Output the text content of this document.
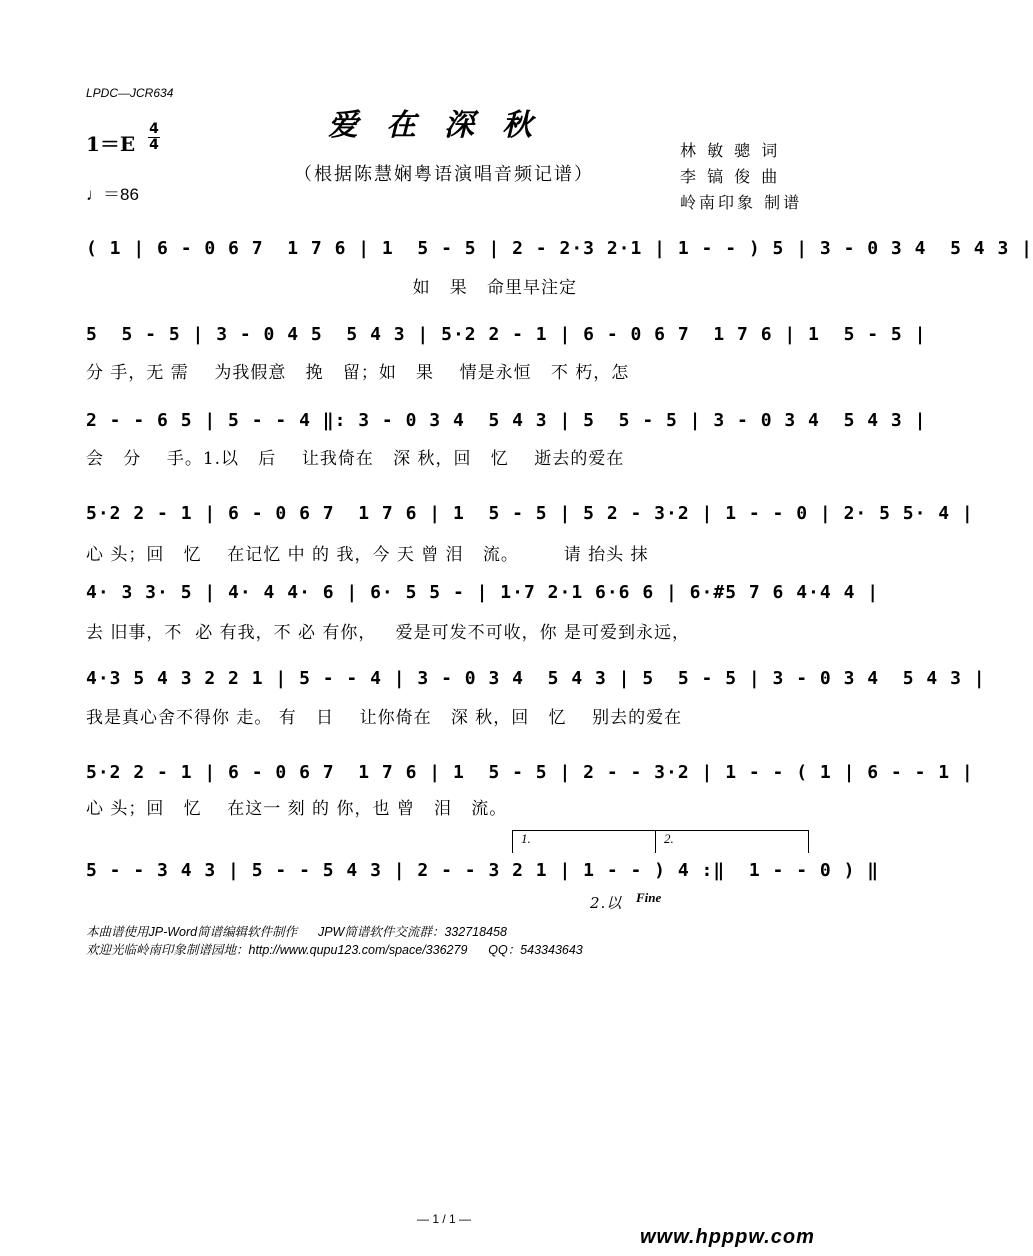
LPDC—JCR634
爱在深秋
（根据陈慧娴粤语演唱音频记谱）
1＝E
4
4
♩＝86
林 敏 骢 词
李 镐 俊 曲
岭南印象 制谱
( 1 | 6 - 0 6 7  1 7 6 | 1  5 - 5 | 2 - 2·3 2·1 | 1 - - ) 5 | 3 - 0 3 4  5 4 3 |
如   果   命里早注定
5  5 - 5 | 3 - 0 4 5  5 4 3 | 5·2 2 - 1 | 6 - 0 6 7  1 7 6 | 1  5 - 5 |
分 手，无 需    为我假意   挽   留；如   果    情是永恒   不 朽，怎
2 - - 6 5 | 5 - - 4 ‖: 3 - 0 3 4  5 4 3 | 5  5 - 5 | 3 - 0 3 4  5 4 3 |
会   分    手。1.以   后    让我倚在   深 秋，回   忆    逝去的爱在
5·2 2 - 1 | 6 - 0 6 7  1 7 6 | 1  5 - 5 | 5 2 - 3·2 | 1 - - 0 | 2· 5 5· 4 |
心 头；回   忆    在记忆 中 的 我，今 天 曾 泪   流。       请 抬头 抹
4· 3 3· 5 | 4· 4 4· 6 | 6· 5 5 - | 1·7 2·1 6·6 6 | 6·#5 7 6 4·4 4 |
去 旧事，不  必 有我，不 必 有你，   爱是可发不可收，你 是可爱到永远，
4·3 5 4 3 2 2 1 | 5 - - 4 | 3 - 0 3 4  5 4 3 | 5  5 - 5 | 3 - 0 3 4  5 4 3 |
我是真心舍不得你 走。 有   日    让你倚在   深 秋，回   忆    别去的爱在
5·2 2 - 1 | 6 - 0 6 7  1 7 6 | 1  5 - 5 | 2 - - 3·2 | 1 - - ( 1 | 6 - - 1 |
心 头；回   忆    在这一 刻 的 你，也 曾   泪   流。
1.	2.
5 - - 3 4 3 | 5 - - 5 4 3 | 2 - - 3 2 1 | 1 - - ) 4 :‖  1 - - 0 ) ‖
2.以 Fine
本曲谱使用JP-Word简谱编辑软件制作      JPW简谱软件交流群：332718458
欢迎光临岭南印象制谱园地：http://www.qupu123.com/space/336279      QQ：543343643
— 1 / 1 —
www.hpppw.com
